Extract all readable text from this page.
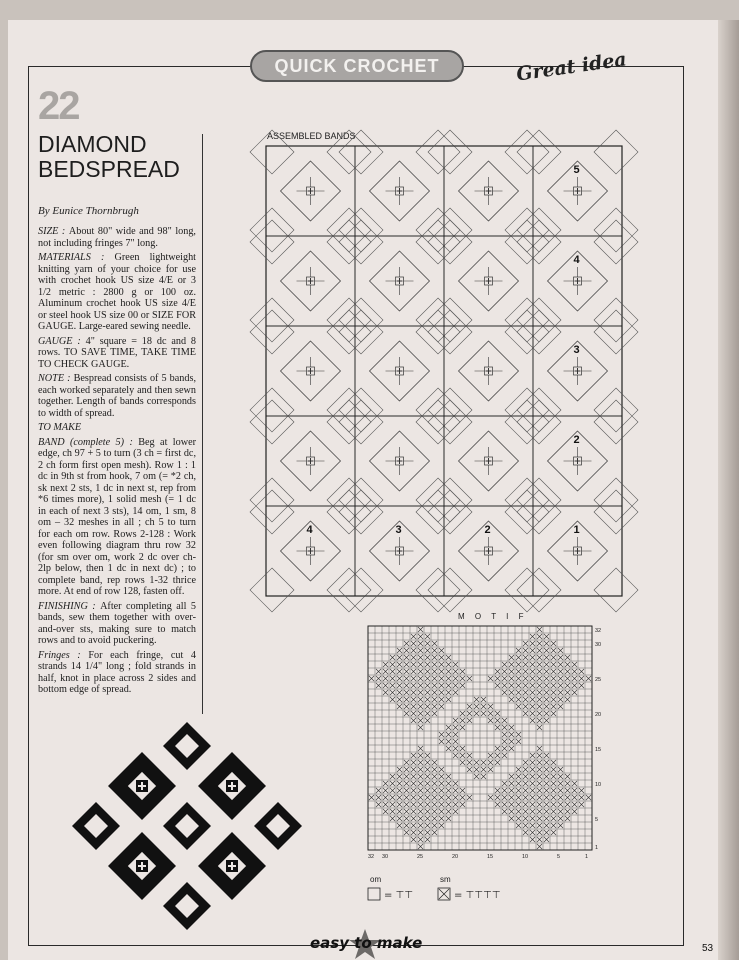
QUICK CROCHET	Great idea
22
DIAMOND BEDSPREAD
By Eunice Thornbrugh

SIZE : About 80" wide and 98" long, not including fringes 7" long.

MATERIALS : Green lightweight knitting yarn of your choice for use with crochet hook US size 4/E or 3 1/2 metric : 2800 g or 100 oz. Aluminum crochet hook US size 4/E or steel hook US size 00 or SIZE FOR GAUGE. Large-eared sewing needle.

GAUGE : 4" square = 18 dc and 8 rows. TO SAVE TIME, TAKE TIME TO CHECK GAUGE.

NOTE : Bespread consists of 5 bands, each worked separately and then sewn together. Length of bands corresponds to width of spread.

TO MAKE

BAND (complete 5) : Beg at lower edge, ch 97 + 5 to turn (3 ch = first dc, 2 ch form first open mesh). Row 1 : 1 dc in 9th st from hook, 7 om (= *2 ch, sk next 2 sts, 1 dc in next st, rep from *6 times more), 1 solid mesh (= 1 dc in each of next 3 sts), 14 om, 1 sm, 8 om – 32 meshes in all ; ch 5 to turn for each om row. Rows 2-128 : Work even following diagram thru row 32 (for sm over om, work 2 dc over ch-2lp below, then 1 dc in next dc) ; to complete band, rep rows 1-32 thrice more. At end of row 128, fasten off.

FINISHING : After completing all 5 bands, sew them together with over-and-over sts, making sure to match rows and to avoid puckering.

Fringes : For each fringe, cut 4 strands 14 1/4" long ; fold strands in half, knot in place across 2 sides and bottom edge of spread.

ASSEMBLED BANDS
5
4
3
2
1
2
3
4
M O T I F
32
30
25
20
15
10
5
1
32 30	25	20	15	10	5	1
om
= ⊤⊤
sm
= ⊤⊤⊤⊤
easy to make	53
